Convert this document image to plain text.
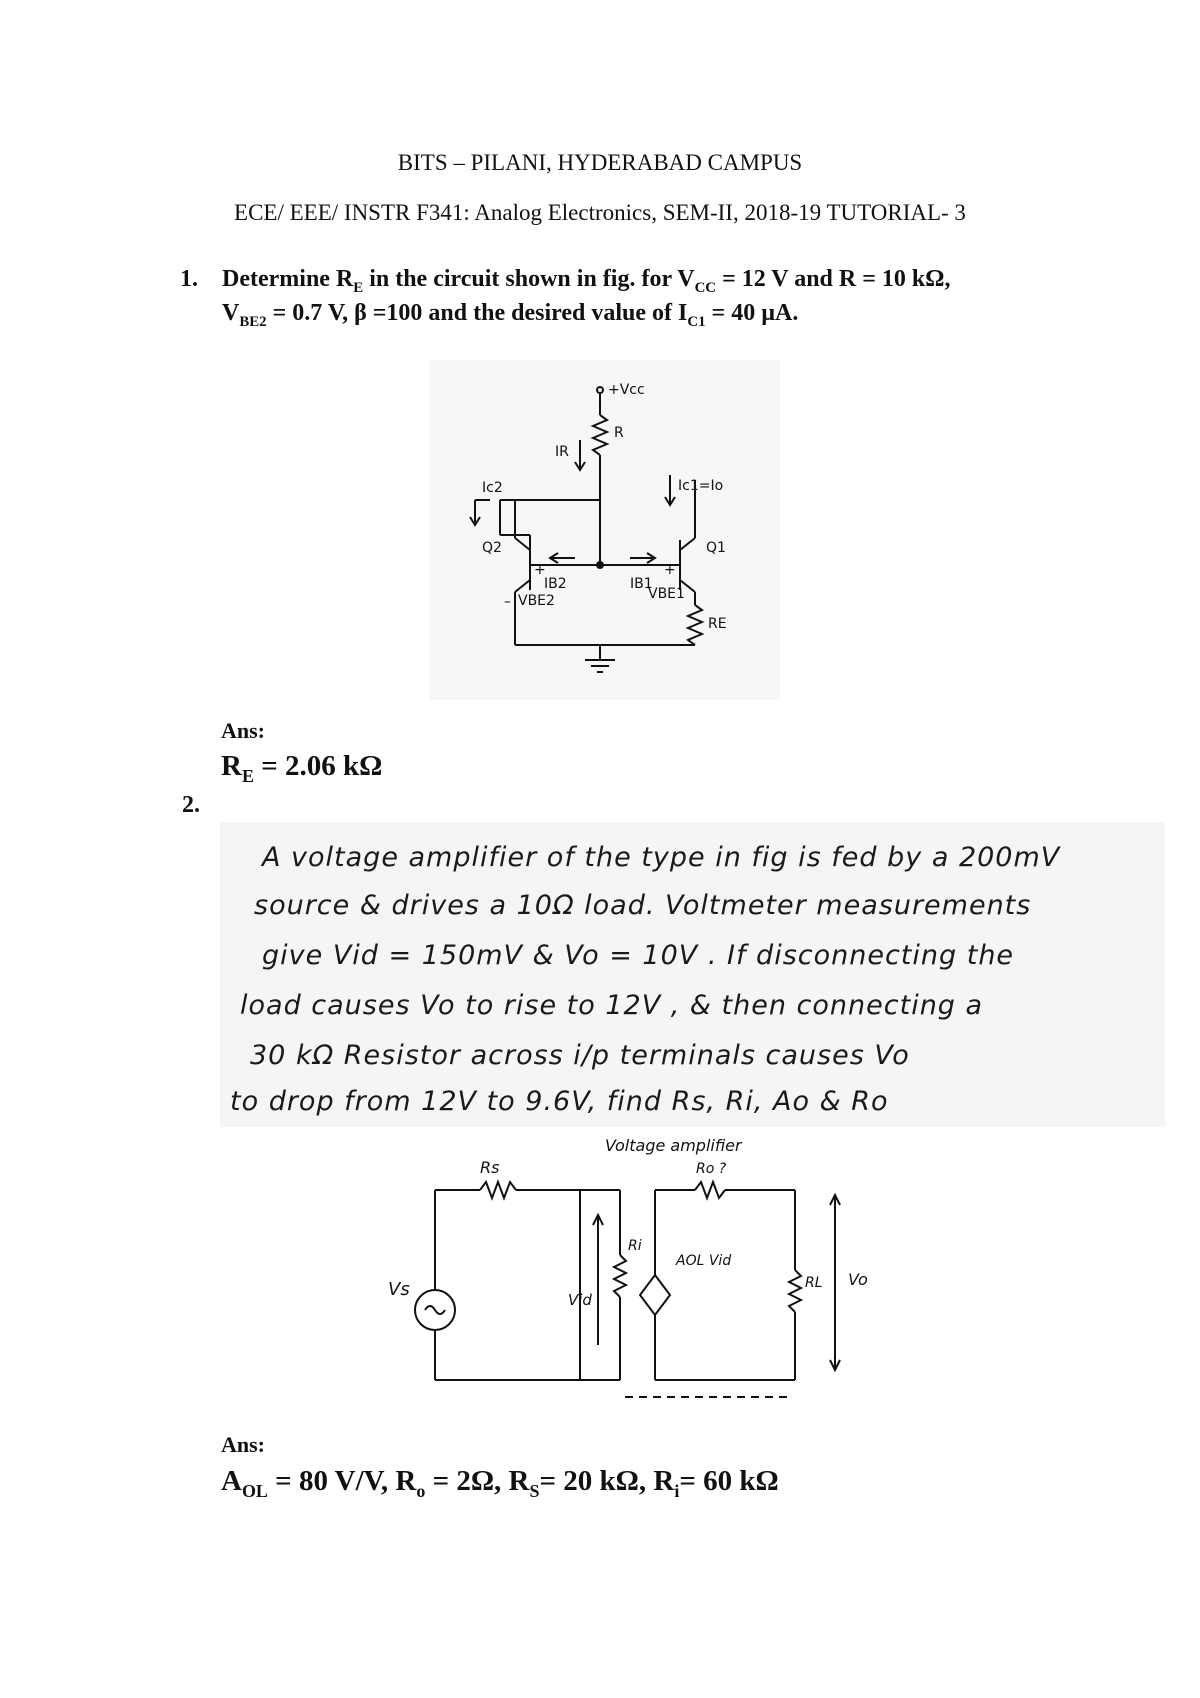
BITS – PILANI, HYDERABAD CAMPUS
ECE/ EEE/ INSTR F341: Analog Electronics, SEM-II, 2018-19 TUTORIAL- 3
1. Determine $R_E$ in the circuit shown in fig. for $V_{CC} = 12$ V and R = 10 kΩ,
$V_{BE2} = 0.7$ V, β =100 and the desired value of $I_{C1} = 40$ µA.
+Vcc
R
IR
Ic2	Ic1=Io
Q2	Q1
IB2	IB1
VBE2	VBE1
RE
+	+
–
Ans:
$R_E = 2.06$ kΩ
2.
A voltage amplifier of the type in fig is fed by a 200mV
source & drives a 10Ω load. Voltmeter measurements
give Vid = 150mV & Vo = 10V . If disconnecting the
load causes Vo to rise to 12V , & then connecting a
30 kΩ Resistor across i/p terminals causes Vo
to drop from 12V to 9.6V, find Rs, Ri, Ao & Ro
Rs
Voltage amplifier
Ro ?
Vs	Vid
Ri
AOL Vid
RL Vo
Ans:
$A_{OL} = 80$ V/V, $R_o = 2\Omega$, $R_S= 20$ kΩ, $R_i= 60$ kΩ
